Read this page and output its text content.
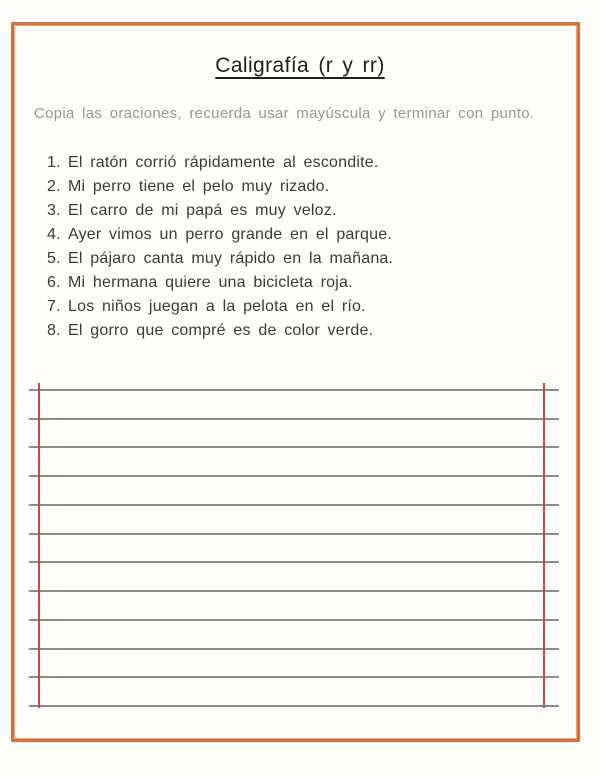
Caligrafía (r y rr)

Copia las oraciones, recuerda usar mayúscula y terminar con punto.

1. El ratón corrió rápidamente al escondite.
2. Mi perro tiene el pelo muy rizado.
3. El carro de mi papá es muy veloz.
4. Ayer vimos un perro grande en el parque.
5. El pájaro canta muy rápido en la mañana.
6. Mi hermana quiere una bicicleta roja.
7. Los niños juegan a la pelota en el río.
8. El gorro que compré es de color verde.
